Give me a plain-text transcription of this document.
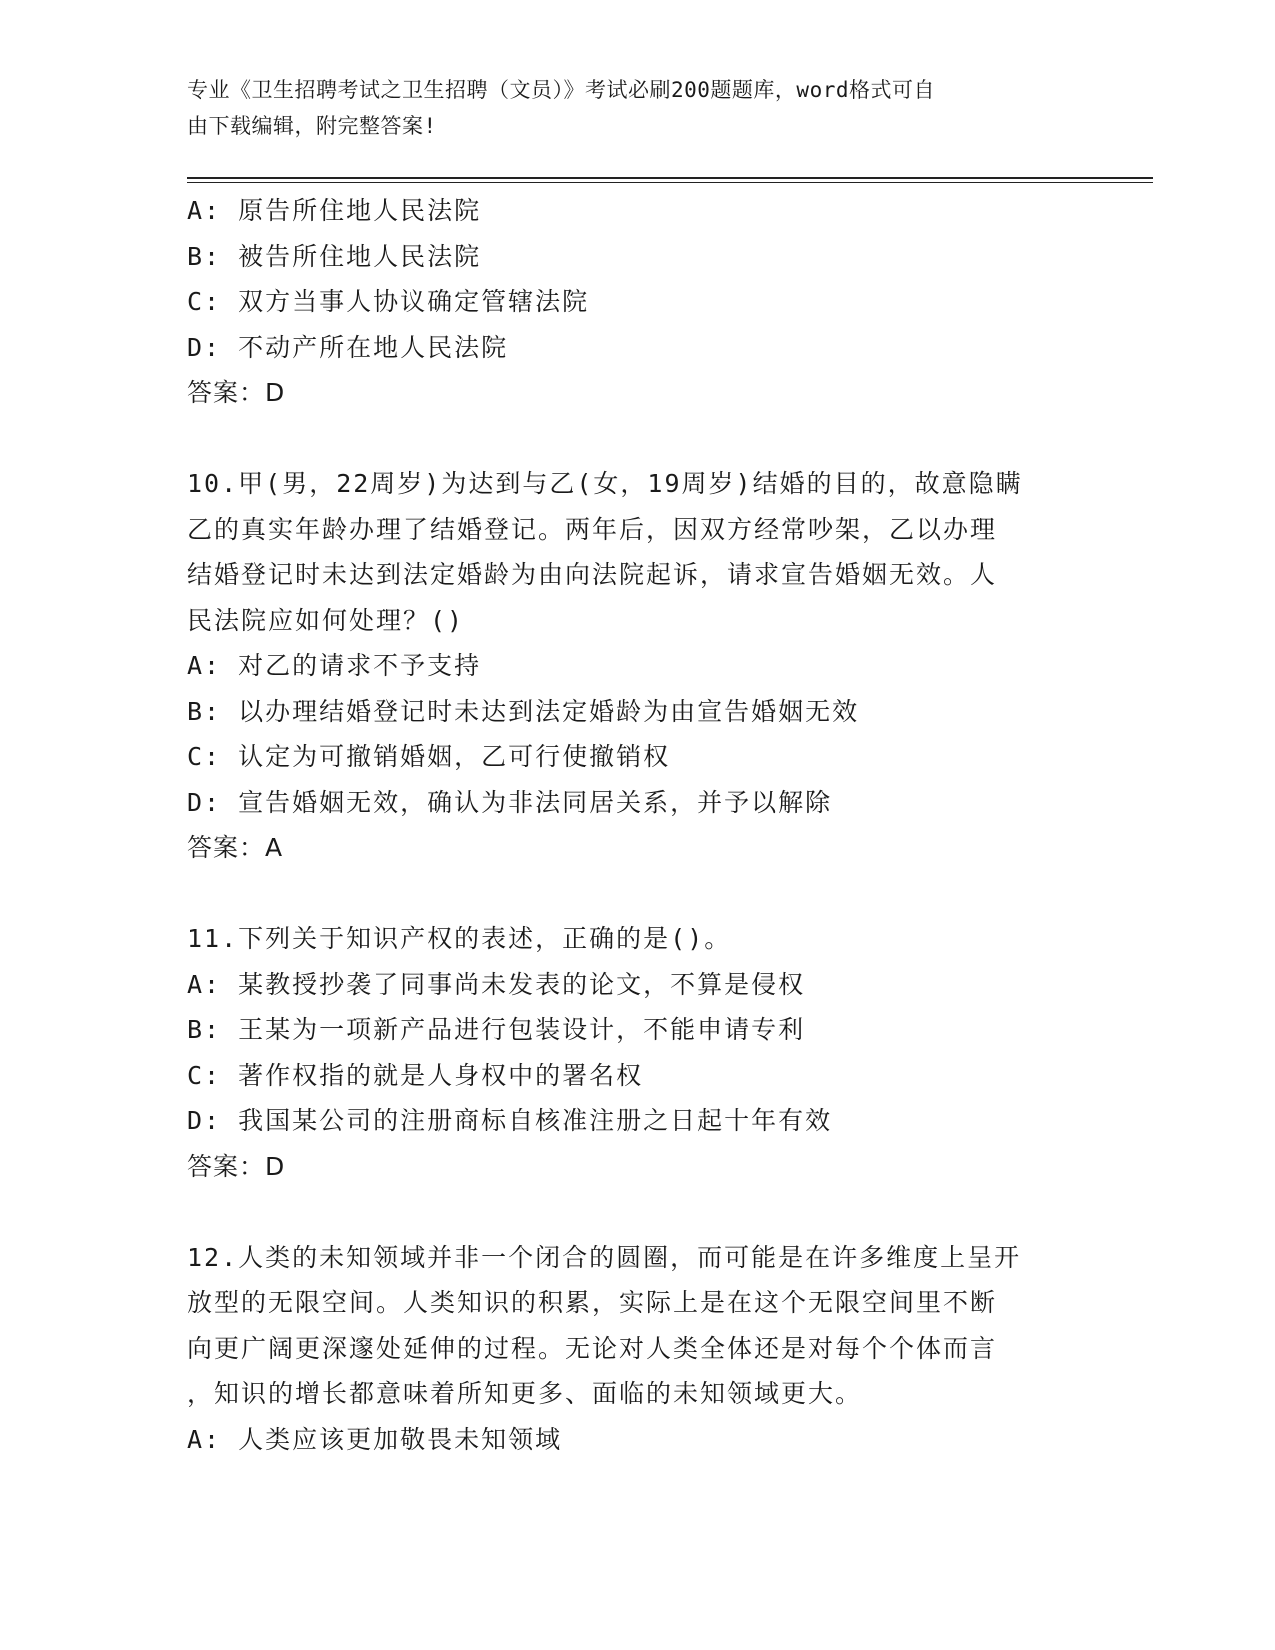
专业《卫生招聘考试之卫生招聘（文员）》考试必刷200题题库，word格式可自
由下载编辑，附完整答案!
A: 原告所住地人民法院
B: 被告所住地人民法院
C: 双方当事人协议确定管辖法院
D: 不动产所在地人民法院
答案：D
10.甲(男，22周岁)为达到与乙(女，19周岁)结婚的目的，故意隐瞒
乙的真实年龄办理了结婚登记。两年后，因双方经常吵架，乙以办理
结婚登记时未达到法定婚龄为由向法院起诉，请求宣告婚姻无效。人
民法院应如何处理？()
A: 对乙的请求不予支持
B: 以办理结婚登记时未达到法定婚龄为由宣告婚姻无效
C: 认定为可撤销婚姻，乙可行使撤销权
D: 宣告婚姻无效，确认为非法同居关系，并予以解除
答案：A
11.下列关于知识产权的表述，正确的是()。
A: 某教授抄袭了同事尚未发表的论文，不算是侵权
B: 王某为一项新产品进行包装设计，不能申请专利
C: 著作权指的就是人身权中的署名权
D: 我国某公司的注册商标自核准注册之日起十年有效
答案：D
12.人类的未知领域并非一个闭合的圆圈，而可能是在许多维度上呈开
放型的无限空间。人类知识的积累，实际上是在这个无限空间里不断
向更广阔更深邃处延伸的过程。无论对人类全体还是对每个个体而言
，知识的增长都意味着所知更多、面临的未知领域更大。
A: 人类应该更加敬畏未知领域
